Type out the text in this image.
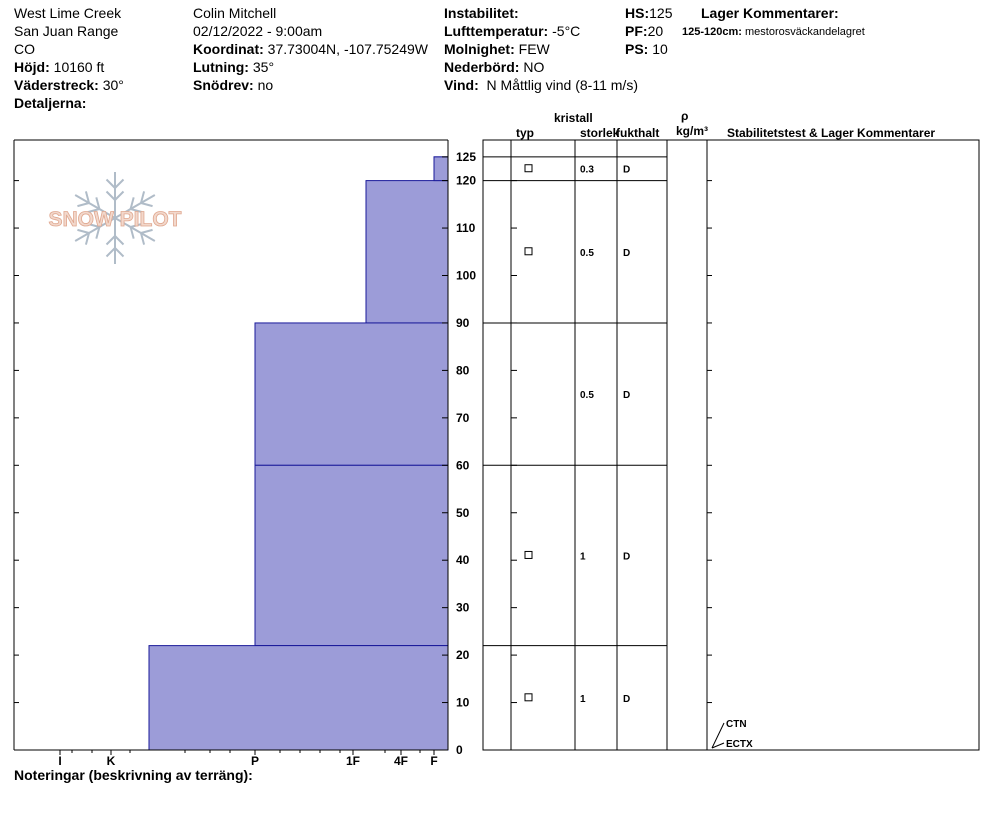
West Lime Creek
San Juan Range
CO
Höjd: 10160 ft
Väderstreck: 30°
Detaljerna:
Colin Mitchell
02/12/2022 - 9:00am
Koordinat: 37.73004N, -107.75249W
Lutning: 35°
Snödrev: no
Instabilitet:
Lufttemperatur: -5°C
Molnighet: FEW
Nederbörd: NO
Vind: N Måttlig vind (8-11 m/s)
HS:125
PF:20
PS: 10
Lager Kommentarer:
125-120cm: mestorosväckandelagret
kristall
typ	storlek
fukthalt
ρ
kg/m³ Stabilitetstest & Lager Kommentarer
SNOW PILOT
I	K	P	1F	4F F
0
10
20
30
40
50
60
70
80
90
100
110
120
125
0.3	D
0.5	D
0.5	D
1	D
1	D
CTN
ECTX
Noteringar (beskrivning av terräng):
